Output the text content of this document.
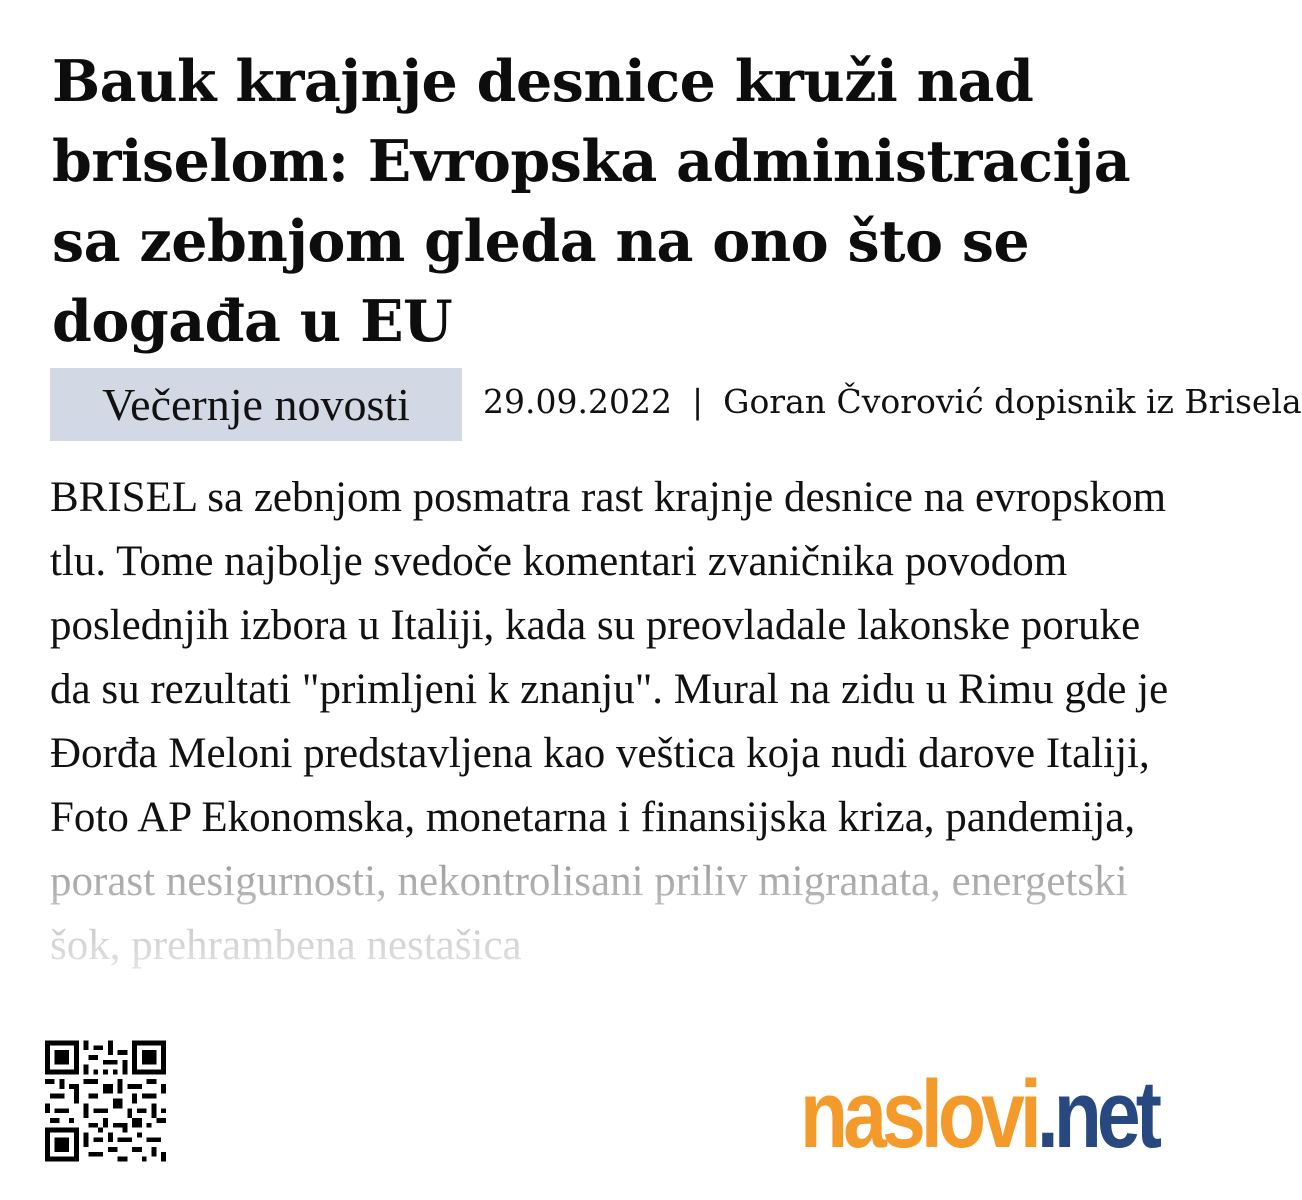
Bauk krajnje desnice kruži nad briselom: Evropska administracija sa zebnjom gleda na ono što se događa u EU
Večernje novosti	29.09.2022 | Goran Čvorović dopisnik iz Brisela

BRISEL sa zebnjom posmatra rast krajnje desnice na evropskom tlu. Tome najbolje svedoče komentari zvaničnika povodom poslednjih izbora u Italiji, kada su preovladale lakonske poruke da su rezultati "primljeni k znanju". Mural na zidu u Rimu gde je Đorđa Meloni predstavljena kao veštica koja nudi darove Italiji, Foto AP Ekonomska, monetarna i finansijska kriza, pandemija,

naslovi.net
